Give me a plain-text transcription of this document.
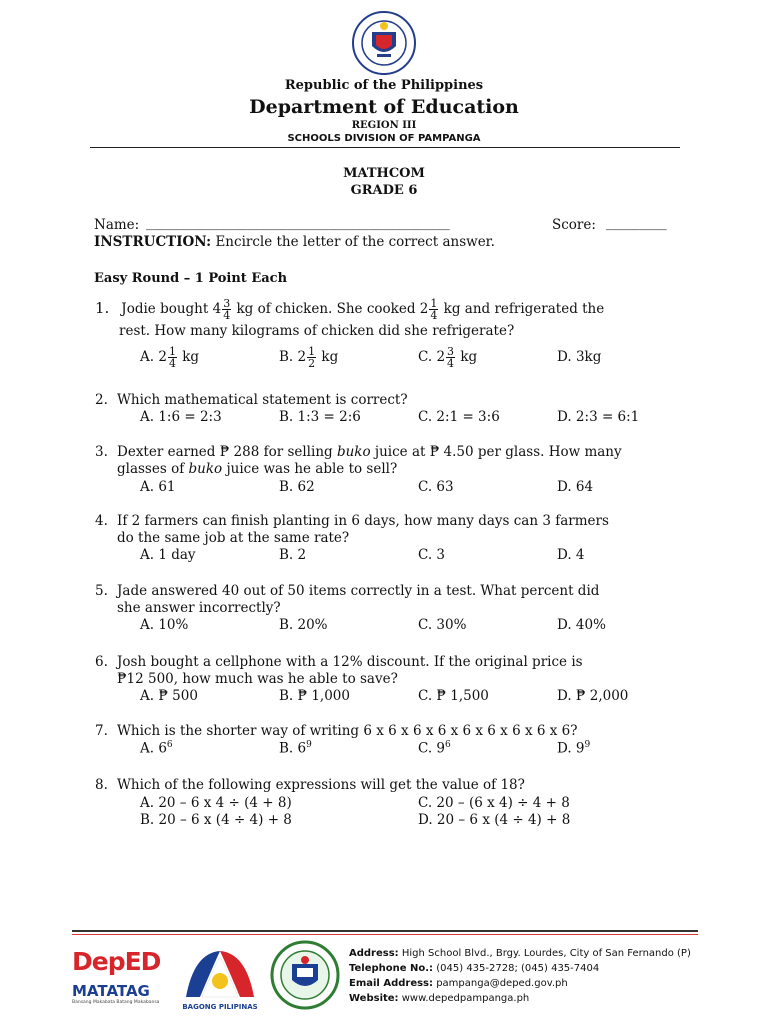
Republic of the Philippines
Department of Education
REGION III
SCHOOLS DIVISION OF PAMPANGA
MATHCOM
GRADE 6
Name: _____________________________________________	Score: _________
INSTRUCTION: Encircle the letter of the correct answer.
Easy Round – 1 Point Each
1. Jodie bought $4 \frac{3}{4}$ kg of chicken. She cooked $2 \frac{1}{4}$ kg and refrigerated the
rest. How many kilograms of chicken did she refrigerate?
A. $2 \frac{1}{4}$ kg	B. $2 \frac{1}{2}$ kg	C. $2 \frac{3}{4}$ kg	D. 3kg
2. Which mathematical statement is correct?
A. 1:6 = 2:3	B. 1:3 = 2:6	C. 2:1 = 3:6	D. 2:3 = 6:1
3. Dexter earned ₱ 288 for selling buko juice at ₱ 4.50 per glass. How many
glasses of buko juice was he able to sell?
A. 61	B. 62	C. 63	D. 64
4. If 2 farmers can finish planting in 6 days, how many days can 3 farmers
do the same job at the same rate?
A. 1 day	B. 2	C. 3	D. 4
5. Jade answered 40 out of 50 items correctly in a test. What percent did
she answer incorrectly?
A. 10%	B. 20%	C. 30%	D. 40%
6. Josh bought a cellphone with a 12% discount. If the original price is
₱12 500, how much was he able to save?
A. ₱ 500	B. ₱ 1,000	C. ₱ 1,500	D. ₱ 2,000
7. Which is the shorter way of writing 6 x 6 x 6 x 6 x 6 x 6 x 6 x 6 x 6?
A. $6^6$	B. $6^9$	C. $9^6$	D. $9^9$
8. Which of the following expressions will get the value of 18?
A. 20 – 6 x 4 ÷ (4 + 8)	C. 20 – (6 x 4) ÷ 4 + 8
B. 20 – 6 x (4 ÷ 4) + 8	D. 20 – 6 x (4 ÷ 4) + 8
DepED
MATATAG
Bansang Makabata Batang Makabansa
BAGONG PILIPINAS
Address: High School Blvd., Brgy. Lourdes, City of San Fernando (P)
Telephone No.: (045) 435-2728; (045) 435-7404
Email Address: pampanga@deped.gov.ph
Website: www.depedpampanga.ph
